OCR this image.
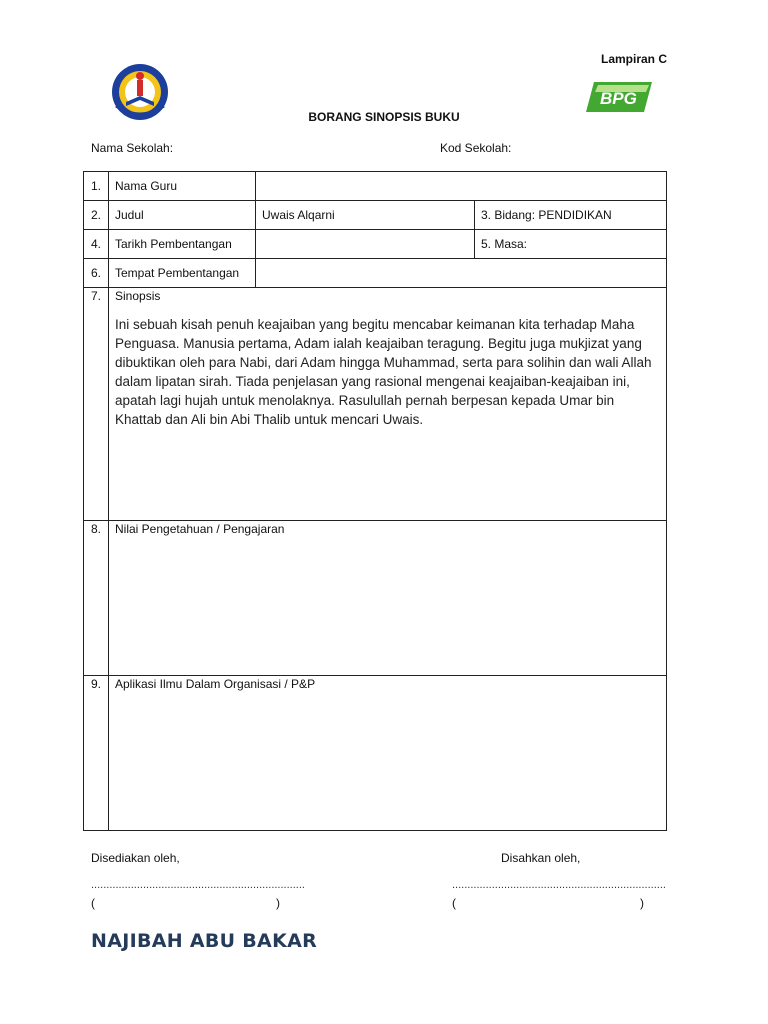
Lampiran C
BPG
BORANG SINOPSIS BUKU
Nama Sekolah:	Kod Sekolah:
1.	Nama Guru		
2.	Judul	Uwais Alqarni	3. Bidang: PENDIDIKAN
4.	Tarikh Pembentangan		5. Masa:
6.	Tempat Pembentangan		
7.	Sinopsis
Ini sebuah kisah penuh keajaiban yang begitu mencabar keimanan kita terhadap Maha Penguasa. Manusia pertama, Adam ialah keajaiban teragung. Begitu juga mukjizat yang dibuktikan oleh para Nabi, dari Adam hingga Muhammad, serta para solihin dan wali Allah dalam lipatan sirah. Tiada penjelasan yang rasional mengenai keajaiban-keajaiban ini, apatah lagi hujah untuk menolaknya. Rasulullah pernah berpesan kepada Umar bin Khattab dan Ali bin Abi Thalib untuk mencari Uwais.		

8.	Nilai Pengetahuan / Pengajaran		
9.	Aplikasi Ilmu Dalam Organisasi / P&P		
Disediakan oleh,	Disahkan oleh,
......................................................................	......................................................................
(	)	(	)
NAJIBAH ABU BAKAR
